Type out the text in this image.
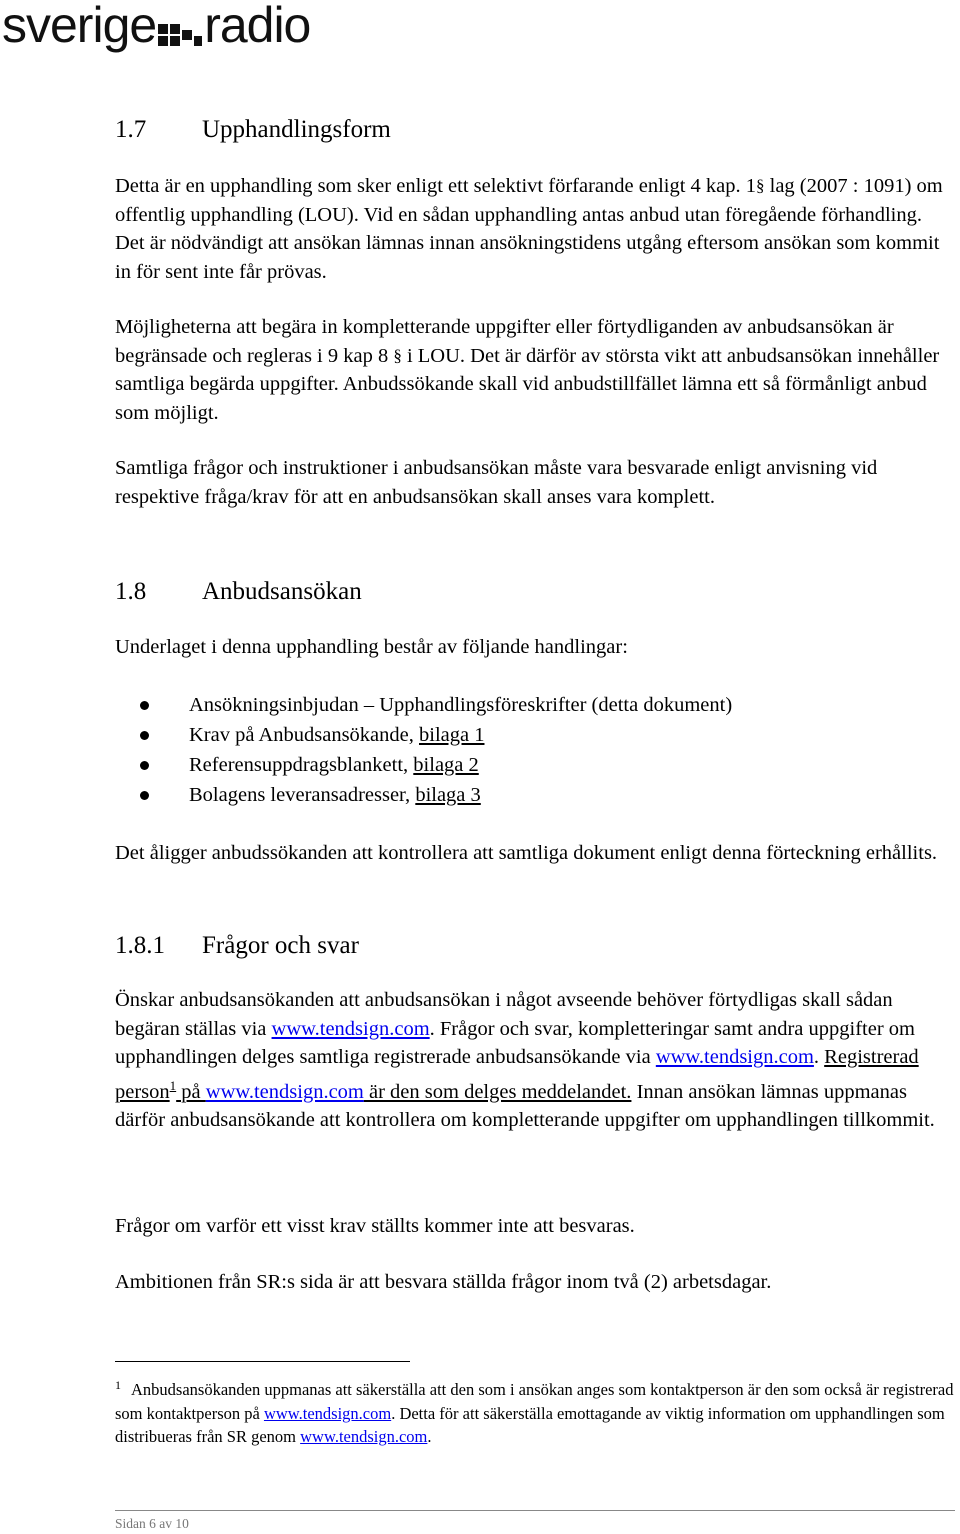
sverige radio
1.7 Upphandlingsform

Detta är en upphandling som sker enligt ett selektivt förfarande enligt 4 kap. 1§ lag (2007 : 1091) om offentlig upphandling (LOU). Vid en sådan upphandling antas anbud utan föregående förhandling. Det är nödvändigt att ansökan lämnas innan ansökningstidens utgång eftersom ansökan som kommit in för sent inte får prövas.

Möjligheterna att begära in kompletterande uppgifter eller förtydliganden av anbudsansökan är begränsade och regleras i 9 kap 8 § i LOU. Det är därför av största vikt att anbudsansökan innehåller samtliga begärda uppgifter. Anbudssökande skall vid anbudstillfället lämna ett så förmånligt anbud som möjligt.

Samtliga frågor och instruktioner i anbudsansökan måste vara besvarade enligt anvisning vid respektive fråga/krav för att en anbudsansökan skall anses vara komplett.

1.8 Anbudsansökan

Underlaget i denna upphandling består av följande handlingar:

Ansökningsinbjudan – Upphandlingsföreskrifter (detta dokument)
Krav på Anbudsansökande, bilaga 1
Referensuppdragsblankett, bilaga 2
Bolagens leveransadresser, bilaga 3

Det åligger anbudssökanden att kontrollera att samtliga dokument enligt denna förteckning erhållits.

1.8.1 Frågor och svar

Önskar anbudsansökanden att anbudsansökan i något avseende behöver förtydligas skall sådan begäran ställas via www.tendsign.com. Frågor och svar, kompletteringar samt andra uppgifter om upphandlingen delges samtliga registrerade anbudsansökande via www.tendsign.com. Registrerad person$^1$ på www.tendsign.com är den som delges meddelandet. Innan ansökan lämnas uppmanas därför anbudsansökande att kontrollera om kompletterande uppgifter om upphandlingen tillkommit.

Frågor om varför ett visst krav ställts kommer inte att besvaras.

Ambitionen från SR:s sida är att besvara ställda frågor inom två (2) arbetsdagar.

$^1$ Anbudsansökanden uppmanas att säkerställa att den som i ansökan anges som kontaktperson är den som också är registrerad som kontaktperson på www.tendsign.com. Detta för att säkerställa emottagande av viktig information om upphandlingen som distribueras från SR genom www.tendsign.com.
Sidan 6 av 10
